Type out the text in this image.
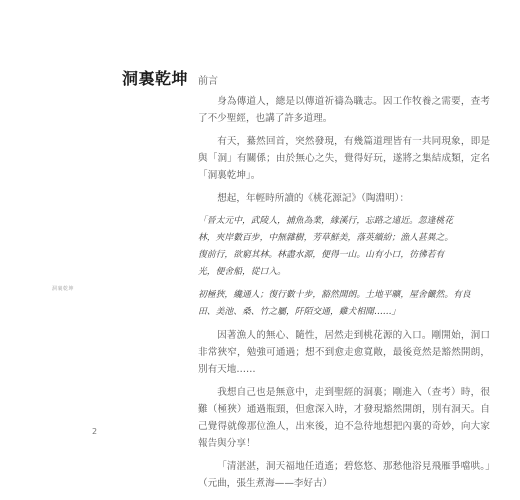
洞裏乾坤 前言
洞裏乾坤

身為傳道人，總是以傳道祈禱為職志。因工作牧養之需要，查考了不少聖經，也講了許多道理。

有天，驀然回首，突然發現，有幾篇道理皆有一共同現象，即是與「洞」有關係；由於無心之失，覺得好玩，遂將之集結成類，定名「洞裏乾坤」。

想起，年輕時所讀的《桃花源記》（陶淵明）：

「晉太元中，武陵人，捕魚為業，緣溪行，忘路之遠近。忽逢桃花
林，夾岸數百步，中無雜樹，芳草鮮美，落英繽紛；漁人甚異之。
復前行，欲窮其林。林盡水源，便得一山。山有小口，彷彿若有
光，便舍船，從口入。
初極狹，纔通人；復行數十步，豁然開朗。土地平曠，屋舍儼然。有良
田、美池、桑、竹之屬，阡陌交通，雞犬相聞……」

因著漁人的無心、隨性，居然走到桃花源的入口。剛開始，洞口非常狹窄，勉強可通過；想不到愈走愈寬敞，最後竟然是豁然開朗，別有天地……

我想自己也是無意中，走到聖經的洞裏；剛進入（查考）時，很難（極狹）通過瓶頸，但愈深入時，才發現豁然開朗，別有洞天。自己覺得就像那位漁人，出來後，迫不急待地想把內裏的奇妙，向大家報告與分享！

「清湛湛，洞天福地任逍遙；碧悠悠、那愁他浴見飛雁爭噹哄。」（元曲，張生煮海——李好古）

2
